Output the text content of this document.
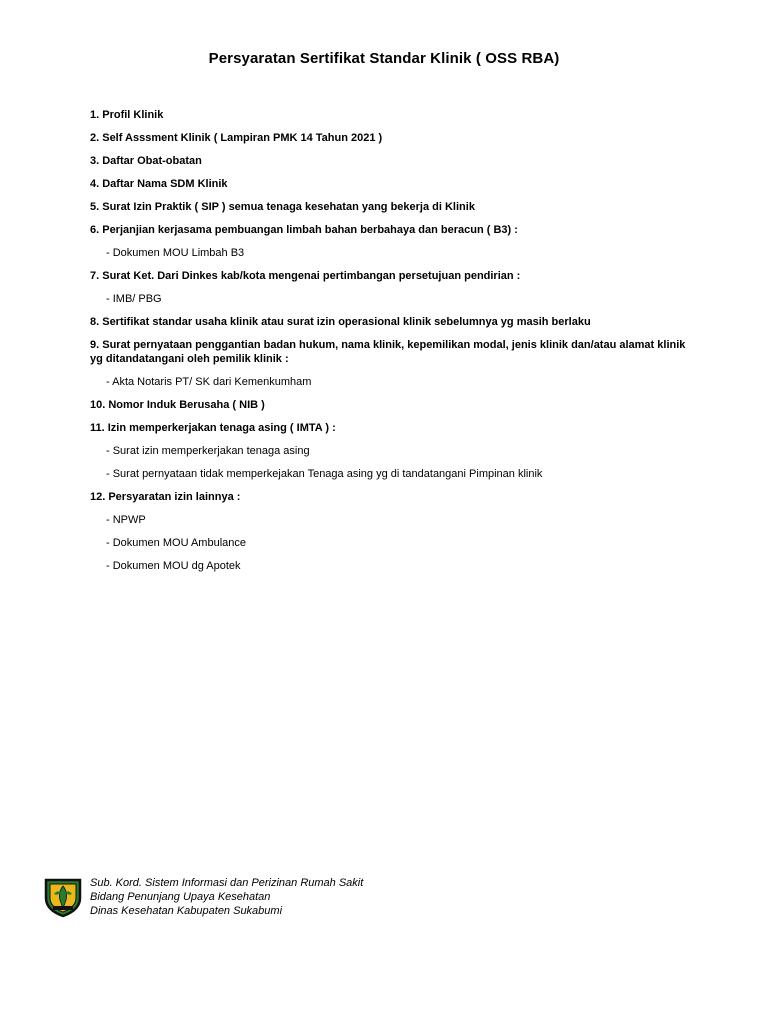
Persyaratan Sertifikat Standar Klinik ( OSS RBA)
1. Profil Klinik
2. Self Asssment Klinik ( Lampiran PMK 14 Tahun 2021 )
3. Daftar Obat-obatan
4. Daftar Nama SDM Klinik
5. Surat Izin Praktik ( SIP ) semua tenaga kesehatan yang bekerja di Klinik
6. Perjanjian kerjasama pembuangan limbah bahan berbahaya dan beracun ( B3) :
- Dokumen MOU Limbah B3
7. Surat Ket. Dari Dinkes kab/kota mengenai pertimbangan persetujuan pendirian :
- IMB/ PBG
8. Sertifikat standar usaha klinik atau surat izin operasional klinik sebelumnya yg masih berlaku
9. Surat pernyataan penggantian badan hukum, nama klinik, kepemilikan modal, jenis klinik dan/atau alamat klinik yg ditandatangani oleh pemilik klinik :
- Akta Notaris PT/ SK dari Kemenkumham
10. Nomor Induk Berusaha ( NIB )
11. Izin memperkerjakan tenaga asing ( IMTA ) :
- Surat izin memperkerjakan tenaga asing
- Surat pernyataan tidak memperkejakan Tenaga asing yg di tandatangani Pimpinan klinik
12. Persyaratan izin lainnya :
- NPWP
- Dokumen MOU Ambulance
- Dokumen MOU dg Apotek
Sub. Kord. Sistem Informasi dan Perizinan Rumah Sakit
Bidang Penunjang Upaya Kesehatan
Dinas Kesehatan Kabupaten Sukabumi
